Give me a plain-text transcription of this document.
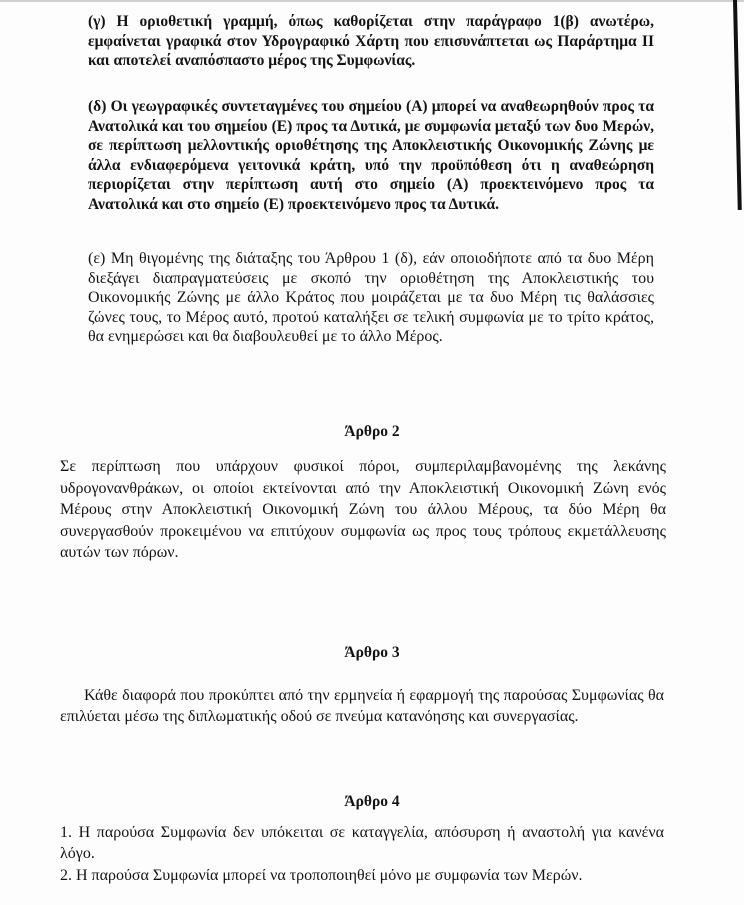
(γ) Η οριοθετική γραμμή, όπως καθορίζεται στην παράγραφο 1(β) ανωτέρω, εμφαίνεται γραφικά στον Υδρογραφικό Χάρτη που επισυνάπτεται ως Παράρτημα ΙΙ και αποτελεί αναπόσπαστο μέρος της Συμφωνίας.

(δ) Οι γεωγραφικές συντεταγμένες του σημείου (Α) μπορεί να αναθεωρηθούν προς τα Ανατολικά και του σημείου (Ε) προς τα Δυτικά, με συμφωνία μεταξύ των δυο Μερών, σε περίπτωση μελλοντικής οριοθέτησης της Αποκλειστικής Οικονομικής Ζώνης με άλλα ενδιαφερόμενα γειτονικά κράτη, υπό την προϋπόθεση ότι η αναθεώρηση περιορίζεται στην περίπτωση αυτή στο σημείο (Α) προεκτεινόμενο προς τα Ανατολικά και στο σημείο (Ε) προεκτεινόμενο προς τα Δυτικά.

(ε) Μη θιγομένης της διάταξης του Άρθρου 1 (δ), εάν οποιοδήποτε από τα δυο Μέρη διεξάγει διαπραγματεύσεις με σκοπό την οριοθέτηση της Αποκλειστικής του Οικονομικής Ζώνης με άλλο Κράτος που μοιράζεται με τα δυο Μέρη τις θαλάσσιες ζώνες τους, το Μέρος αυτό, προτού καταλήξει σε τελική συμφωνία με το τρίτο κράτος, θα ενημερώσει και θα διαβουλευθεί με το άλλο Μέρος.

Άρθρο 2

Σε περίπτωση που υπάρχουν φυσικοί πόροι, συμπεριλαμβανομένης της λεκάνης υδρογονανθράκων, οι οποίοι εκτείνονται από την Αποκλειστική Οικονομική Ζώνη ενός Μέρους στην Αποκλειστική Οικονομική Ζώνη του άλλου Μέρους, τα δύο Μέρη θα συνεργασθούν προκειμένου να επιτύχουν συμφωνία ως προς τους τρόπους εκμετάλλευσης αυτών των πόρων.

Άρθρο 3

Κάθε διαφορά που προκύπτει από την ερμηνεία ή εφαρμογή της παρούσας Συμφωνίας θα επιλύεται μέσω της διπλωματικής οδού σε πνεύμα κατανόησης και συνεργασίας.

Άρθρο 4

1. Η παρούσα Συμφωνία δεν υπόκειται σε καταγγελία, απόσυρση ή αναστολή για κανένα λόγο.

2. Η παρούσα Συμφωνία μπορεί να τροποποιηθεί μόνο με συμφωνία των Μερών.
